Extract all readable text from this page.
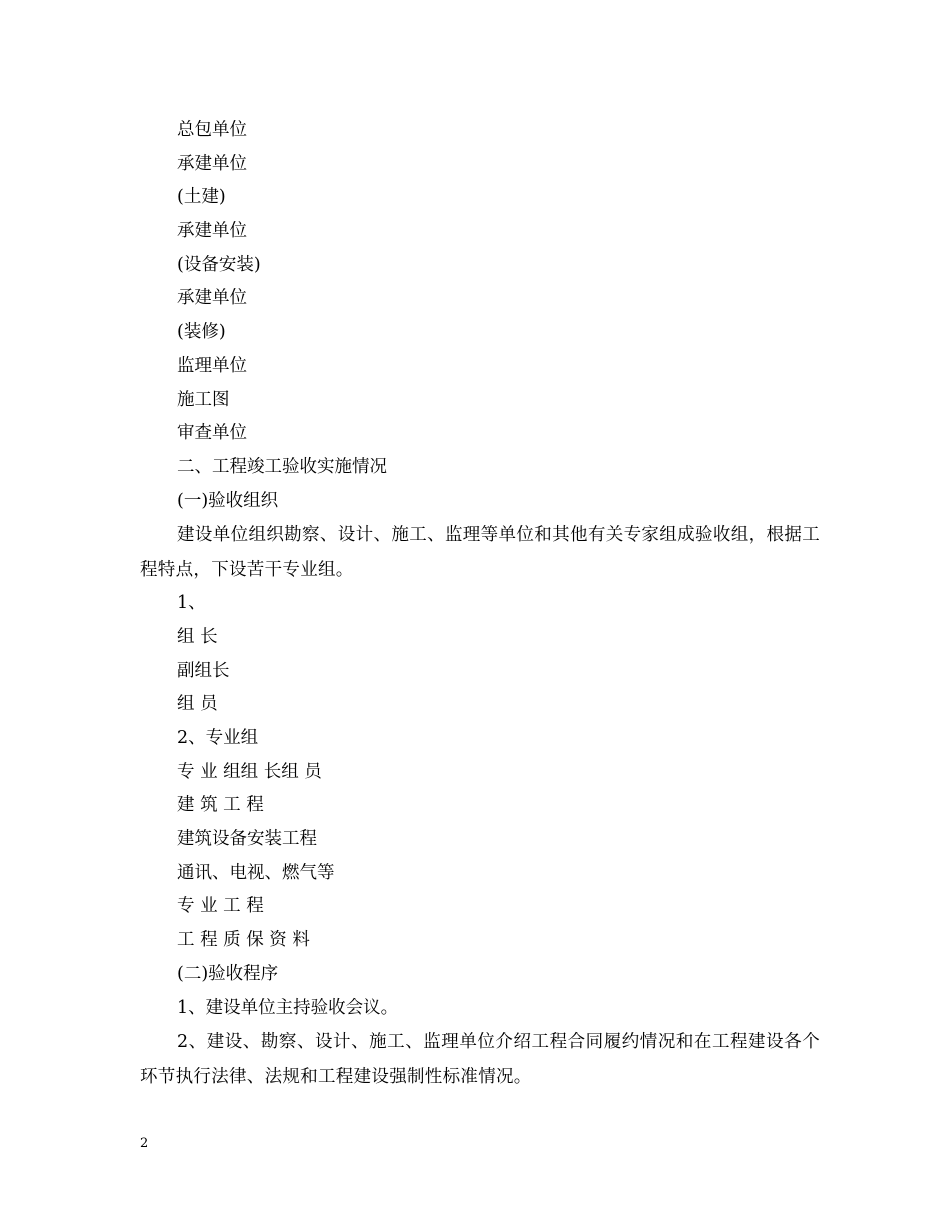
总包单位
承建单位
(土建)
承建单位
(设备安装)
承建单位
(装修)
监理单位
施工图
审查单位
二、工程竣工验收实施情况
(一)验收组织
建设单位组织勘察、设计、施工、监理等单位和其他有关专家组成验收组，根据工程特点，下设苦干专业组。
1、
组 长
副组长
组 员
2、专业组
专 业 组组 长组 员
建 筑 工 程
建筑设备安装工程
通讯、电视、燃气等
专 业 工 程
工 程 质 保 资 料
(二)验收程序
1、建设单位主持验收会议。
2、建设、勘察、设计、施工、监理单位介绍工程合同履约情况和在工程建设各个环节执行法律、法规和工程建设强制性标准情况。
2
